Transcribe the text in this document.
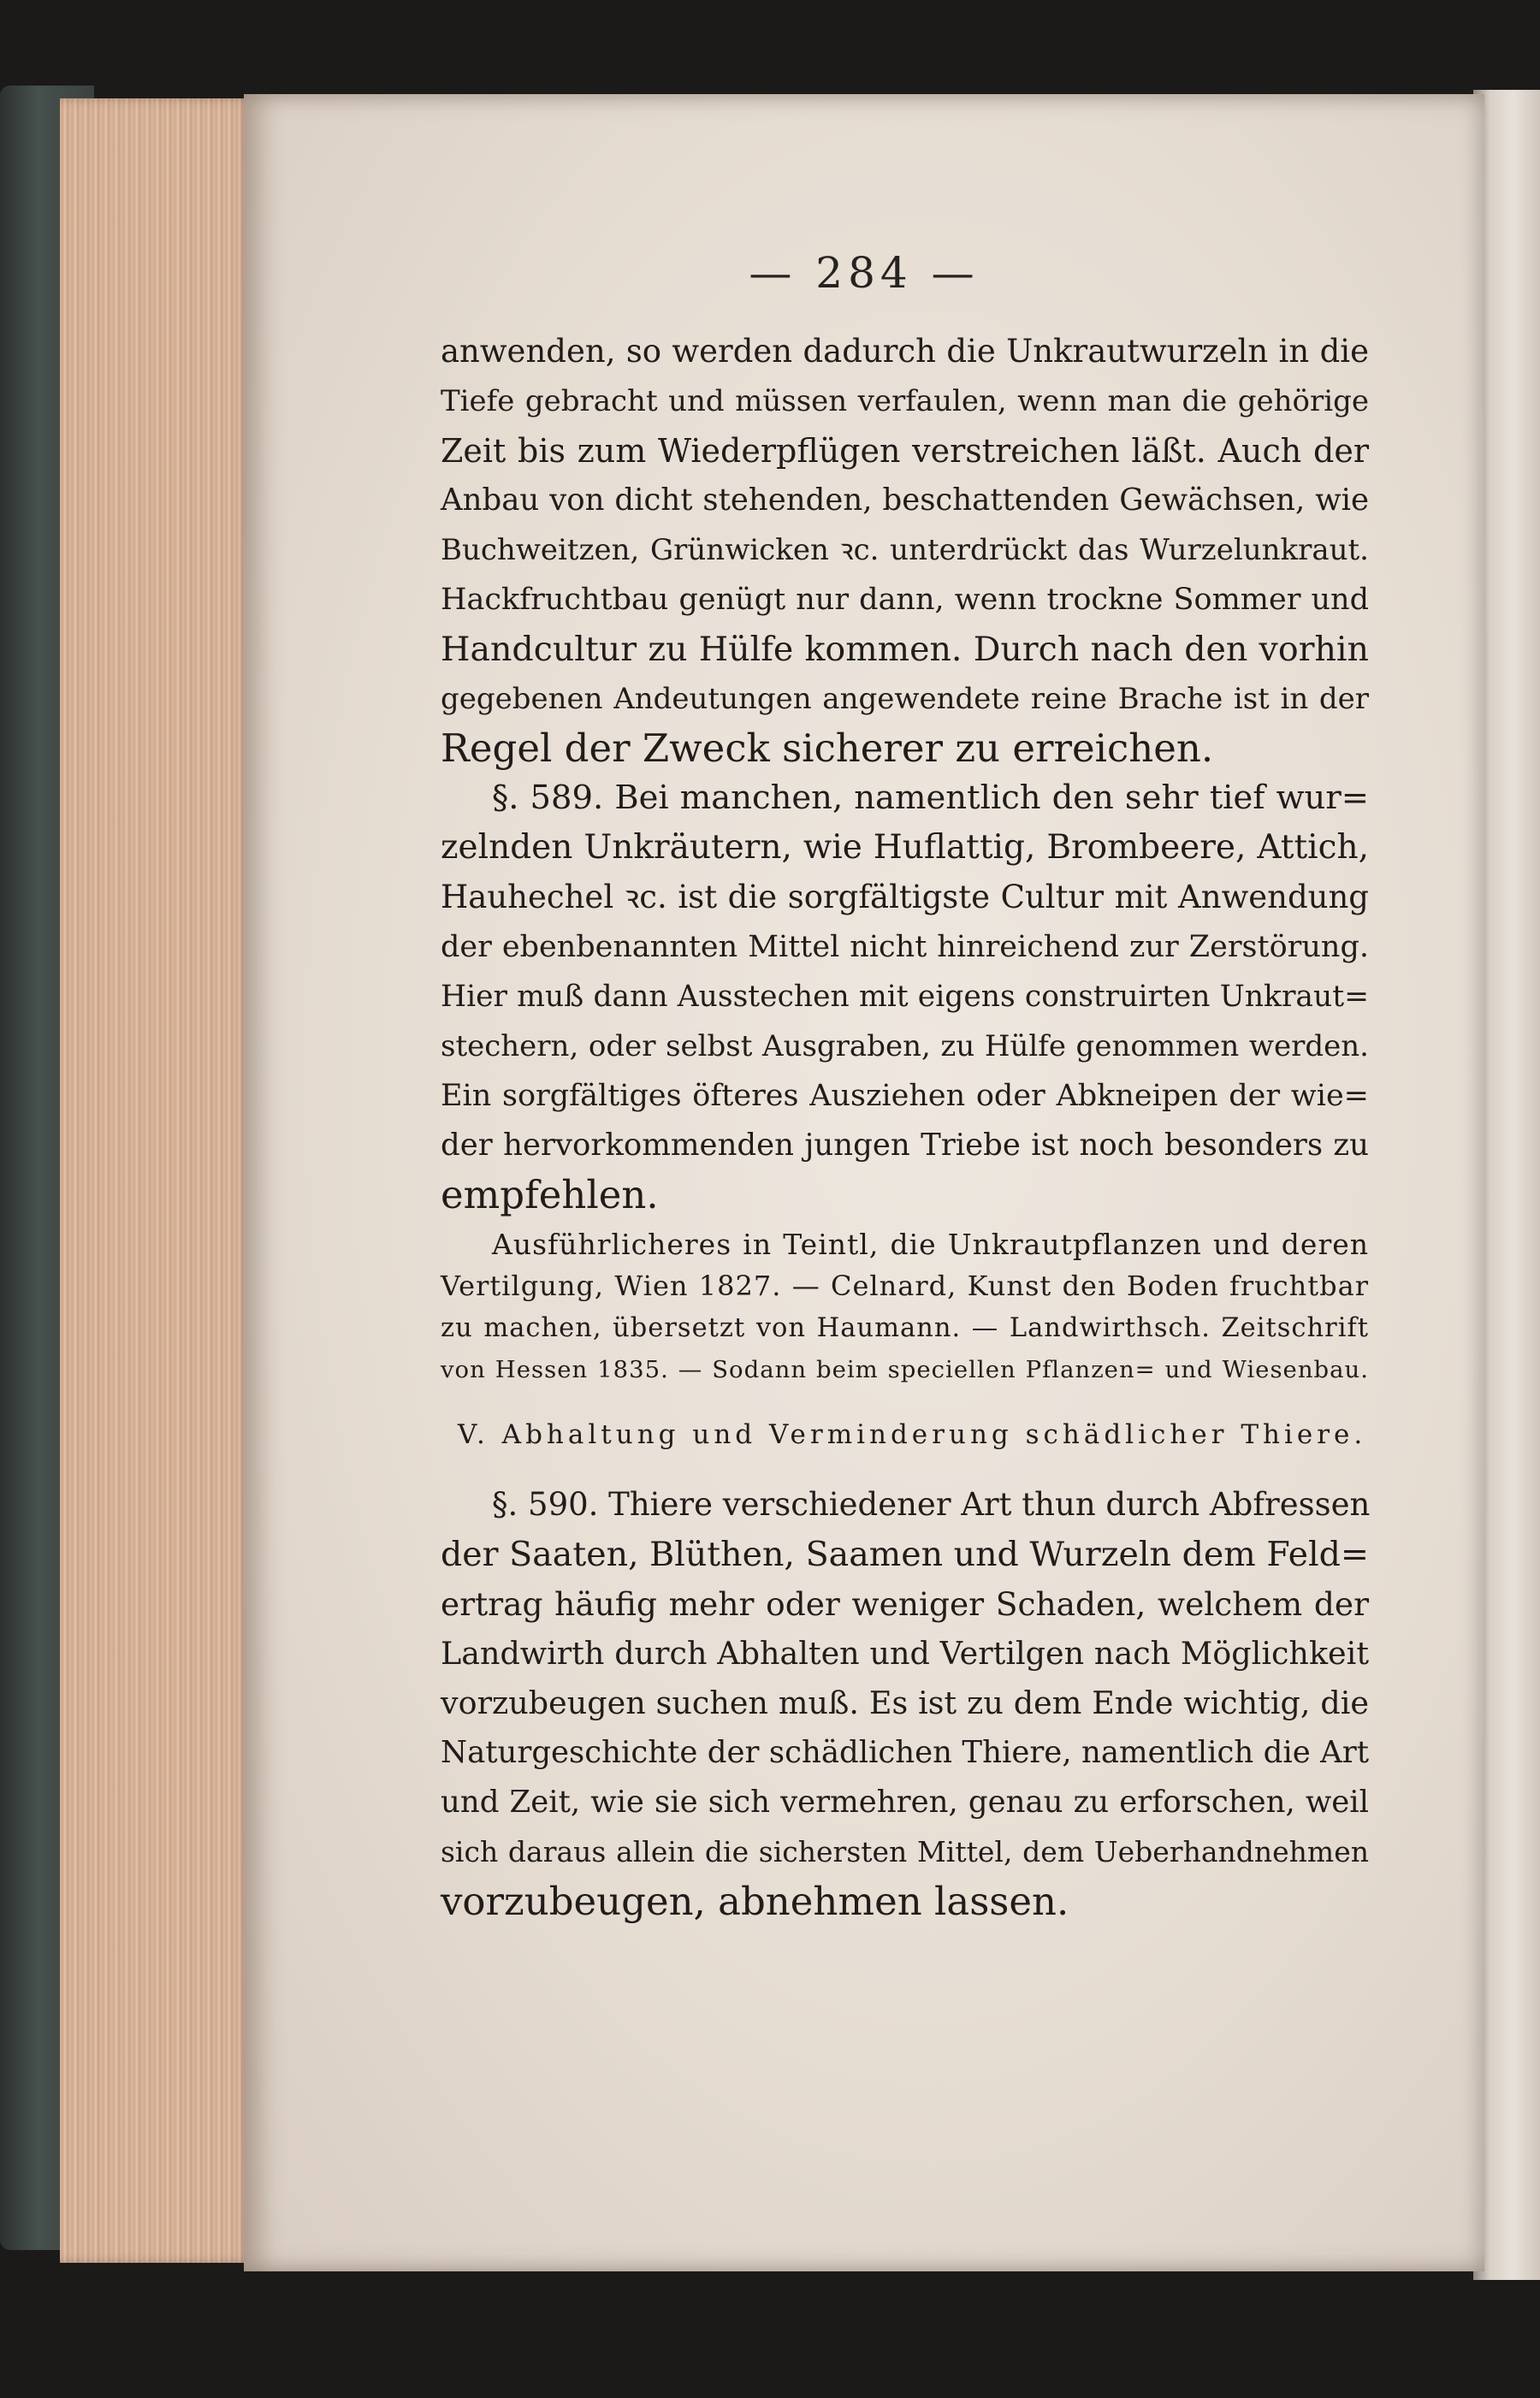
— 284 —
anwenden, so werden dadurch die Unkrautwurzeln in die
Tiefe gebracht und müssen verfaulen, wenn man die gehörige
Zeit bis zum Wiederpflügen verstreichen läßt. Auch der
Anbau von dicht stehenden, beschattenden Gewächsen, wie
Buchweitzen, Grünwicken ꝛc. unterdrückt das Wurzelunkraut.
Hackfruchtbau genügt nur dann, wenn trockne Sommer und
Handcultur zu Hülfe kommen. Durch nach den vorhin
gegebenen Andeutungen angewendete reine Brache ist in der
Regel der Zweck sicherer zu erreichen.
§. 589. Bei manchen, namentlich den sehr tief wur=
zelnden Unkräutern, wie Huflattig, Brombeere, Attich,
Hauhechel ꝛc. ist die sorgfältigste Cultur mit Anwendung
der ebenbenannten Mittel nicht hinreichend zur Zerstörung.
Hier muß dann Ausstechen mit eigens construirten Unkraut=
stechern, oder selbst Ausgraben, zu Hülfe genommen werden.
Ein sorgfältiges öfteres Ausziehen oder Abkneipen der wie=
der hervorkommenden jungen Triebe ist noch besonders zu
empfehlen.
Ausführlicheres in Teintl, die Unkrautpflanzen und deren
Vertilgung, Wien 1827. — Celnard, Kunst den Boden fruchtbar
zu machen, übersetzt von Haumann. — Landwirthsch. Zeitschrift
von Hessen 1835. — Sodann beim speciellen Pflanzen= und Wiesenbau.
V. Abhaltung und Verminderung schädlicher Thiere.
§. 590. Thiere verschiedener Art thun durch Abfressen
der Saaten, Blüthen, Saamen und Wurzeln dem Feld=
ertrag häufig mehr oder weniger Schaden, welchem der
Landwirth durch Abhalten und Vertilgen nach Möglichkeit
vorzubeugen suchen muß. Es ist zu dem Ende wichtig, die
Naturgeschichte der schädlichen Thiere, namentlich die Art
und Zeit, wie sie sich vermehren, genau zu erforschen, weil
sich daraus allein die sichersten Mittel, dem Ueberhandnehmen
vorzubeugen, abnehmen lassen.
